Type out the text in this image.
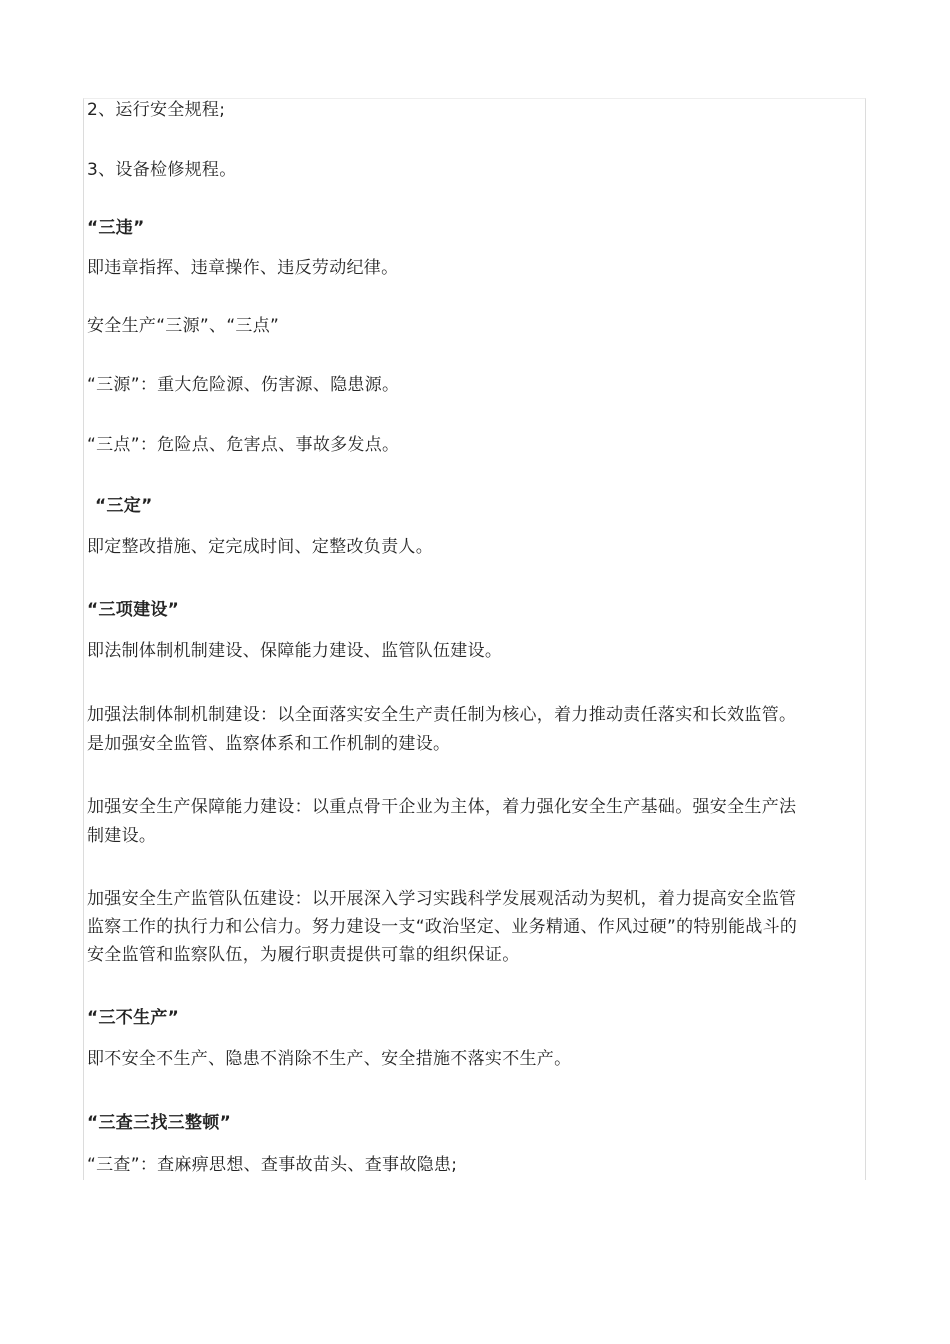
2、运行安全规程;

3、设备检修规程。

“三违”

即违章指挥、违章操作、违反劳动纪律。

安全生产“三源”、“三点”

“三源”：重大危险源、伤害源、隐患源。

“三点”：危险点、危害点、事故多发点。

“三定”

即定整改措施、定完成时间、定整改负责人。

“三项建设”

即法制体制机制建设、保障能力建设、监管队伍建设。

加强法制体制机制建设：以全面落实安全生产责任制为核心，着力推动责任落实和长效监管。

是加强安全监管、监察体系和工作机制的建设。

加强安全生产保障能力建设：以重点骨干企业为主体，着力强化安全生产基础。强安全生产法

制建设。

加强安全生产监管队伍建设：以开展深入学习实践科学发展观活动为契机，着力提高安全监管

监察工作的执行力和公信力。努力建设一支“政治坚定、业务精通、作风过硬”的特别能战斗的

安全监管和监察队伍，为履行职责提供可靠的组织保证。

“三不生产”

即不安全不生产、隐患不消除不生产、安全措施不落实不生产。

“三查三找三整顿”

“三查”：查麻痹思想、查事故苗头、查事故隐患;
